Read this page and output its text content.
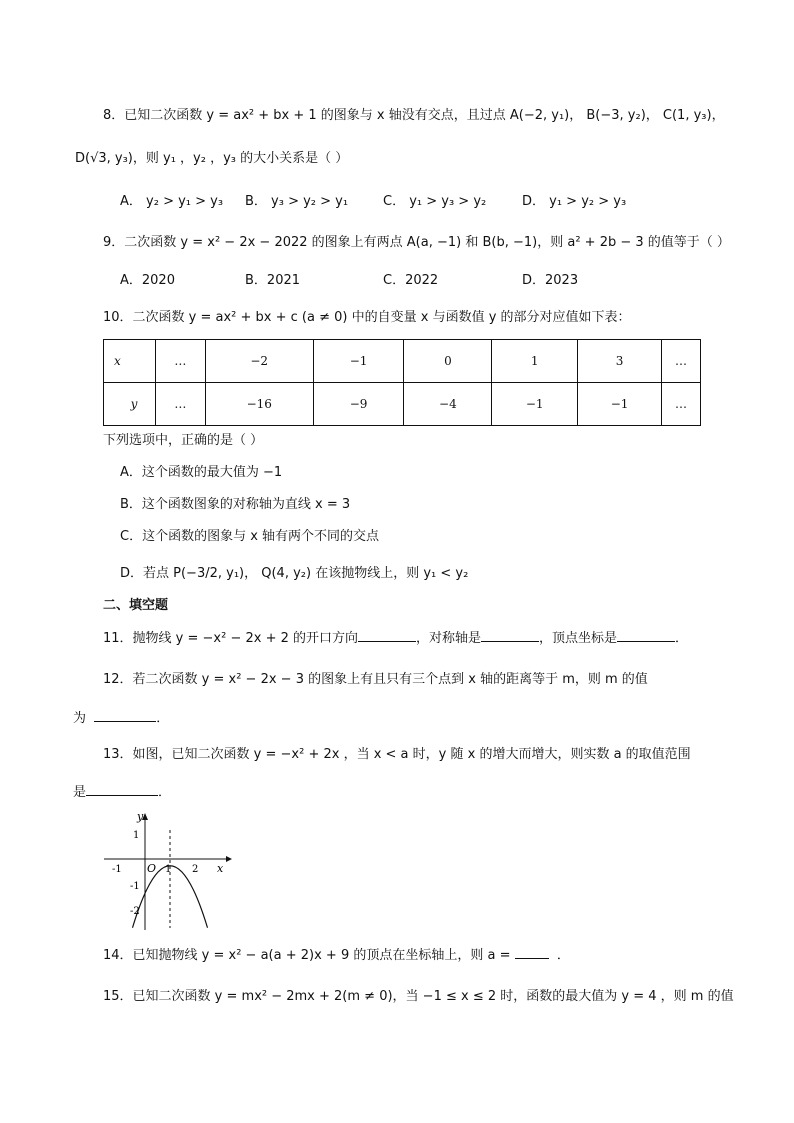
8．已知二次函数 y = ax² + bx + 1 的图象与 x 轴没有交点，且过点 A(−2, y₁)， B(−3, y₂)， C(1, y₃)，
D(√3, y₃)，则 y₁ ，y₂ ，y₃ 的大小关系是（ ）
A． y₂ > y₁ > y₃ B． y₃ > y₂ > y₁	C． y₁ > y₃ > y₂	D． y₁ > y₂ > y₃
9．二次函数 y = x² − 2x − 2022 的图象上有两点 A(a, −1) 和 B(b, −1)，则 a² + 2b − 3 的值等于（ ）
A．2020	B．2021	C．2022	D．2023
10．二次函数 y = ax² + bx + c (a ≠ 0) 中的自变量 x 与函数值 y 的部分对应值如下表：
x	…	−2	−1	0	1	3	…
y	…	−16	−9	−4	−1	−1	…
下列选项中，正确的是（ ）
A．这个函数的最大值为 −1
B．这个函数图象的对称轴为直线 x = 3
C．这个函数的图象与 x 轴有两个不同的交点
D．若点 P(−3/2, y₁)， Q(4, y₂) 在该抛物线上，则 y₁ < y₂
二、填空题
11．抛物线 y = −x² − 2x + 2 的开口方向	，对称轴是	，顶点坐标是	．
12．若二次函数 y = x² − 2x − 3 的图象上有且只有三个点到 x 轴的距离等于 m，则 m 的值
为	．
13．如图，已知二次函数 y = −x² + 2x ，当 x < a 时，y 随 x 的增大而增大，则实数 a 的取值范围
是	．
y
x
O
-1	1 2
1
-1
-2
14．已知抛物线 y = x² − a(a + 2)x + 9 的顶点在坐标轴上，则 a =	．
15．已知二次函数 y = mx² − 2mx + 2(m ≠ 0)，当 −1 ≤ x ≤ 2 时，函数的最大值为 y = 4 ，则 m 的值
